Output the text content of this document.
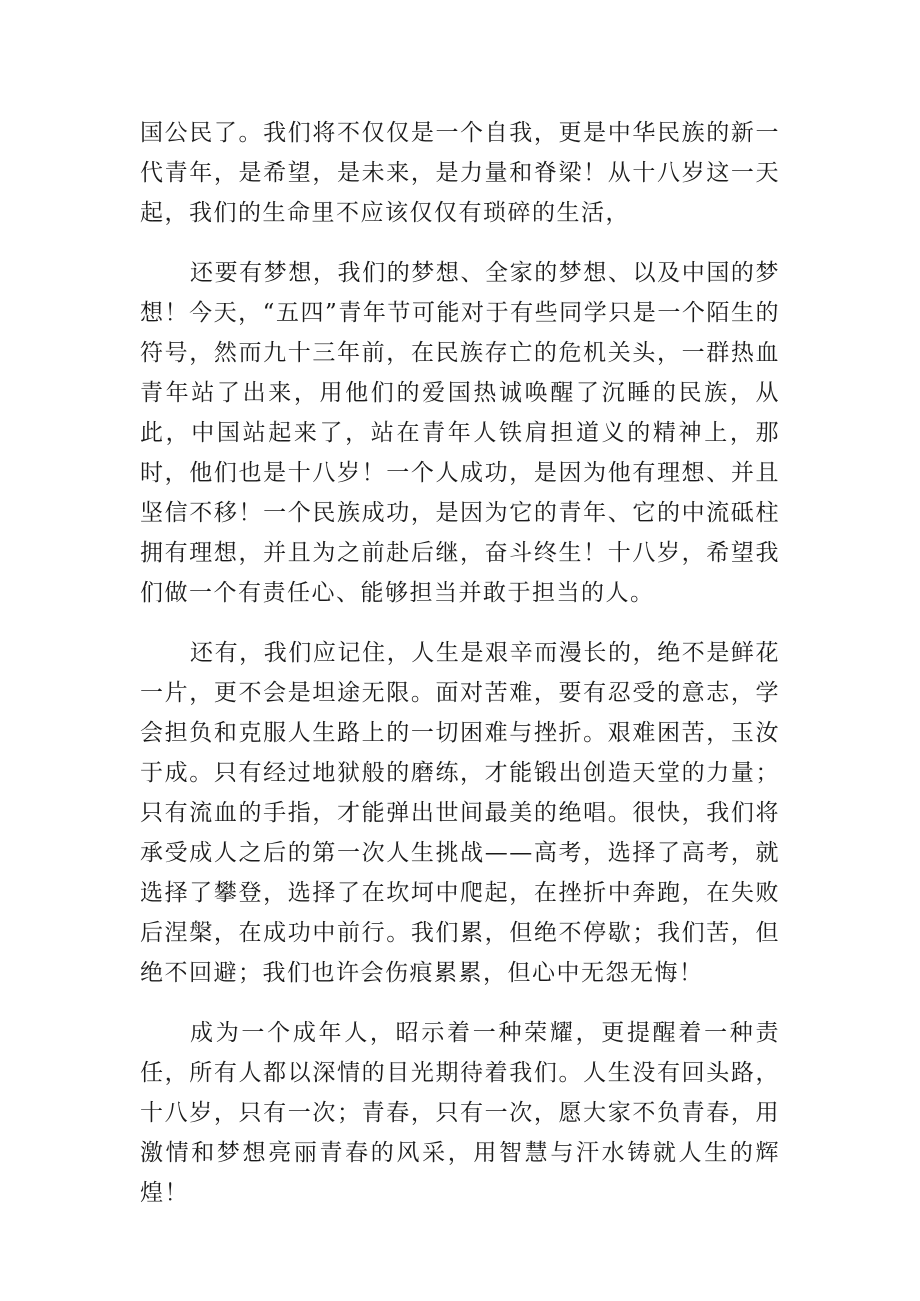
国公民了。我们将不仅仅是一个自我，更是中华民族的新一代青年，是希望，是未来，是力量和脊梁！从十八岁这一天起，我们的生命里不应该仅仅有琐碎的生活，

还要有梦想，我们的梦想、全家的梦想、以及中国的梦想！今天，“五四”青年节可能对于有些同学只是一个陌生的符号，然而九十三年前，在民族存亡的危机关头，一群热血青年站了出来，用他们的爱国热诚唤醒了沉睡的民族，从此，中国站起来了，站在青年人铁肩担道义的精神上，那时，他们也是十八岁！一个人成功，是因为他有理想、并且坚信不移！一个民族成功，是因为它的青年、它的中流砥柱拥有理想，并且为之前赴后继，奋斗终生！十八岁，希望我们做一个有责任心、能够担当并敢于担当的人。

还有，我们应记住，人生是艰辛而漫长的，绝不是鲜花一片，更不会是坦途无限。面对苦难，要有忍受的意志，学会担负和克服人生路上的一切困难与挫折。艰难困苦，玉汝于成。只有经过地狱般的磨练，才能锻出创造天堂的力量；只有流血的手指，才能弹出世间最美的绝唱。很快，我们将承受成人之后的第一次人生挑战——高考，选择了高考，就选择了攀登，选择了在坎坷中爬起，在挫折中奔跑，在失败后涅槃，在成功中前行。我们累，但绝不停歇；我们苦，但绝不回避；我们也许会伤痕累累，但心中无怨无悔！

成为一个成年人，昭示着一种荣耀，更提醒着一种责任，所有人都以深情的目光期待着我们。人生没有回头路，十八岁，只有一次；青春，只有一次，愿大家不负青春，用激情和梦想亮丽青春的风采，用智慧与汗水铸就人生的辉煌！
